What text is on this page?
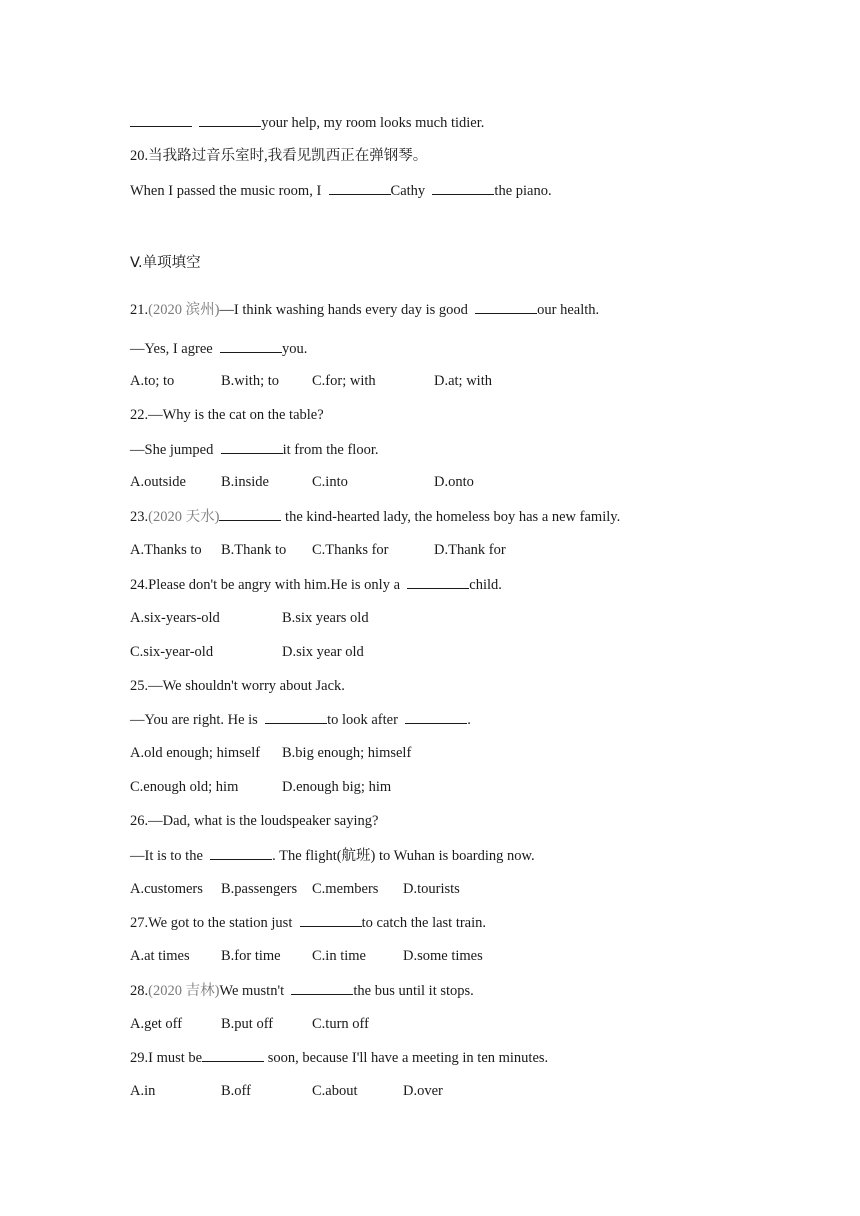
your help, my room looks much tidier.
20.当我路过音乐室时,我看见凯西正在弹钢琴。
When I passed the music room, I	Cathy	the piano.
V.单项填空
21.(2020 滨州)—I think washing hands every day is good	our health.
—Yes, I agree	you.
A.to; to	B.with; to C.for; with	D.at; with
22.—Why is the cat on the table?
—She jumped	it from the floor.
A.outside B.inside	C.into	D.onto
23.(2020 天水)	the kind-hearted lady, the homeless boy has a new family.
A.Thanks to B.Thank to C.Thanks for	D.Thank for
24.Please don't be angry with him.He is only a	child.
A.six-years-old	B.six years old
C.six-year-old	D.six year old
25.—We shouldn't worry about Jack.
—You are right. He is	to look after	.
A.old enough; himself B.big enough; himself
C.enough old; him	D.enough big; him
26.—Dad, what is the loudspeaker saying?
—It is to the	. The flight(航班) to Wuhan is boarding now.
A.customers B.passengers C.members D.tourists
27.We got to the station just	to catch the last train.
A.at times B.for time C.in time	D.some times
28.(2020 吉林)We mustn't	the bus until it stops.
A.get off	B.put off	C.turn off
29.I must be	soon, because I'll have a meeting in ten minutes.
A.in	B.off	C.about	D.over
